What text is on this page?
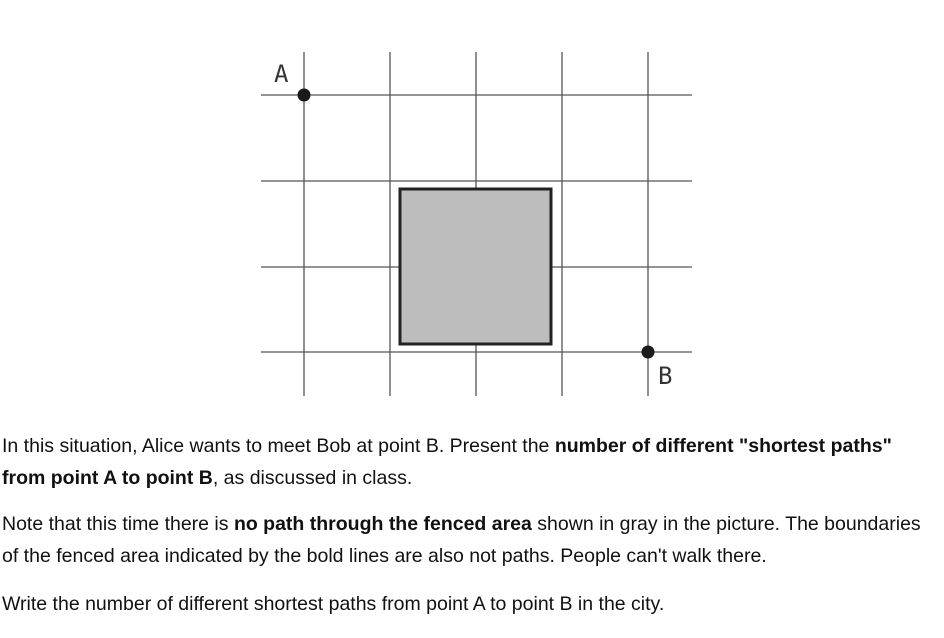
A
B

In this situation, Alice wants to meet Bob at point B. Present the number of different "shortest paths" from point A to point B, as discussed in class.

Note that this time there is no path through the fenced area shown in gray in the picture. The boundaries of the fenced area indicated by the bold lines are also not paths. People can't walk there.

Write the number of different shortest paths from point A to point B in the city.
